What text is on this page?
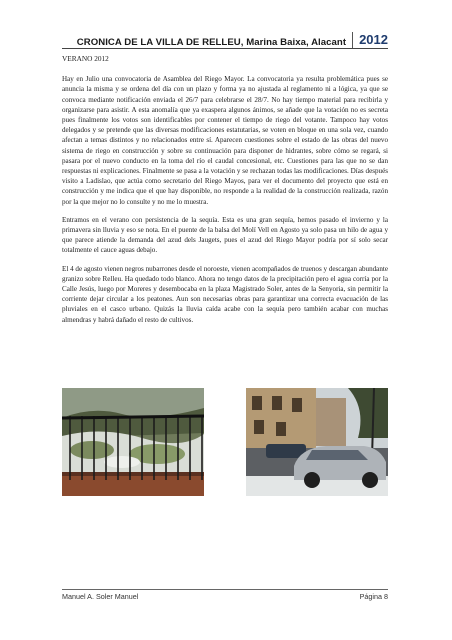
CRONICA DE LA VILLA DE RELLEU, Marina Baixa, Alacant	2012
VERANO 2012

Hay en Julio una convocatoria de Asamblea del Riego Mayor. La convocatoria ya resulta problemática pues se anuncia la misma y se ordena del día con un plazo y forma ya no ajustada al reglamento ni a lógica, ya que se convoca mediante notificación enviada el 26/7 para celebrarse el 28/7. No hay tiempo material para recibirla y organizarse para asistir. A esta anomalía que ya exaspera algunos ánimos, se añade que la votación no es secreta pues finalmente los votos son identificables por contener el tiempo de riego del votante. Tampoco hay votos delegados y se pretende que las diversas modificaciones estatutarias, se voten en bloque en una sola vez, cuando afectan a temas distintos y no relacionados entre sí. Aparecen cuestiones sobre el estado de las obras del nuevo sistema de riego en construcción y sobre su continuación para disponer de hidrantes, sobre cómo se regará, si pasara por el nuevo conducto en la toma del río el caudal concesional, etc. Cuestiones para las que no se dan respuestas ni explicaciones. Finalmente se pasa a la votación y se rechazan todas las modificaciones. Días después visito a Ladislao, que actúa como secretario del Riego Mayos, para ver el documento del proyecto que está en construcción y me indica que el que hay disponible, no responde a la realidad de la construcción realizada, razón por la que mejor no lo consulte y no me lo muestra.

Entramos en el verano con persistencia de la sequía. Esta es una gran sequía, hemos pasado el invierno y la primavera sin lluvia y eso se nota. En el puente de la balsa del Molí Vell en Agosto ya solo pasa un hilo de agua y que parece atiende la demanda del azud dels Jaugets, pues el azud del Riego Mayor podría por sí solo secar totalmente el cauce aguas debajo.

El 4 de agosto vienen negros nubarrones desde el noroeste, vienen acompañados de truenos y descargan abundante granizo sobre Relleu. Ha quedado todo blanco. Ahora no tengo datos de la precipitación pero el agua corría por la Calle Jesús, luego por Moreres y desembocaba en la plaza Magistrado Soler, antes de la Senyoria, sin permitir la corriente dejar circular a los peatones. Aun son necesarias obras para garantizar una correcta evacuación de las pluviales en el casco urbano. Quizás la lluvia caída acabe con la sequía pero también acabar con muchas almendras y habrá dañado el resto de cultivos.

Manuel A. Soler Manuel	Página 8
